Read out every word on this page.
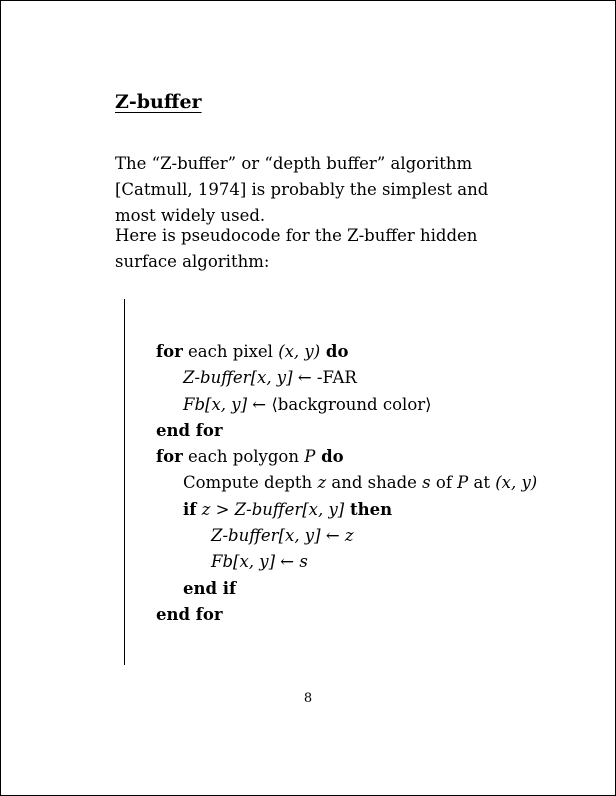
Z-buffer

The “Z-buffer” or “depth buffer” algorithm [Catmull, 1974] is probably the simplest and most widely used.

Here is pseudocode for the Z-buffer hidden surface algorithm:

for each pixel (x, y) do
Z-buffer[x, y] ← -FAR
Fb[x, y] ← ⟨background color⟩
end for
for each polygon P do
Compute depth z and shade s of P at (x, y)
if z > Z-buffer[x, y] then
Z-buffer[x, y] ← z
Fb[x, y] ← s
end if
end for
8
